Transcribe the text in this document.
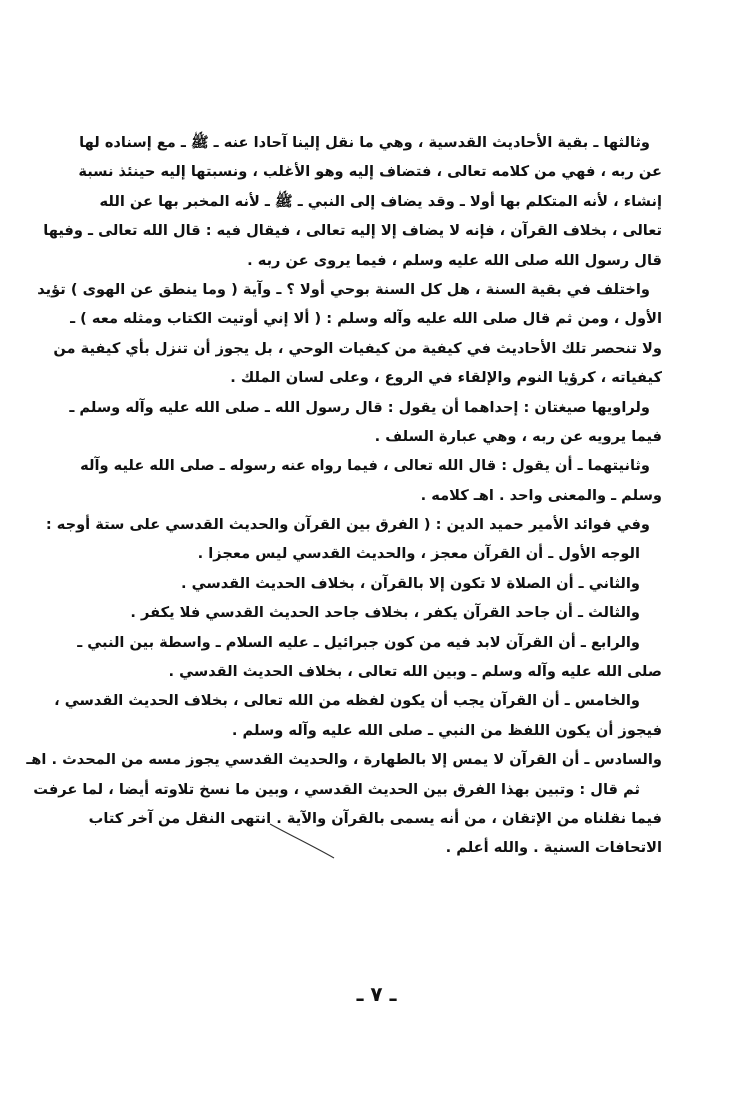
وثالثها ـ بقية الأحاديث القدسية ، وهي ما نقل إلينا آحادا عنه ـ ﷺ ـ مع إسناده لها
عن ربه ، فهي من كلامه تعالى ، فتضاف إليه وهو الأغلب ، ونسبتها إليه حينئذ نسبة
إنشاء ، لأنه المتكلم بها أولا ـ وقد يضاف إلى النبي ـ ﷺ ـ لأنه المخبر بها عن الله
تعالى ، بخلاف القرآن ، فإنه لا يضاف إلا إليه تعالى ، فيقال فيه : قال الله تعالى ـ وفيها
قال رسول الله صلى الله عليه وسلم ، فيما يروى عن ربه .
واختلف في بقية السنة ، هل كل السنة بوحي أولا ؟ ـ وآية ( وما ينطق عن الهوى ) تؤيد
الأول ، ومن ثم قال صلى الله عليه وآله وسلم : ( ألا إني أوتيت الكتاب ومثله معه ) ـ
ولا تنحصر تلك الأحاديث في كيفية من كيفيات الوحي ، بل يجوز أن تنزل بأي كيفية من
كيفياته ، كرؤيا النوم والإلقاء في الروع ، وعلى لسان الملك .
ولراويها صيغتان : إحداهما أن يقول : قال رسول الله ـ صلى الله عليه وآله وسلم ـ
فيما يرويه عن ربه ، وهي عبارة السلف .
وثانيتهما ـ أن يقول : قال الله تعالى ، فيما رواه عنه رسوله ـ صلى الله عليه وآله
وسلم ـ والمعنى واحد . اهـ كلامه .
وفي فوائد الأمير حميد الدين : ( الفرق بين القرآن والحديث القدسي على ستة أوجه :
الوجه الأول ـ أن القرآن معجز ، والحديث القدسي ليس معجزا .
والثاني ـ أن الصلاة لا تكون إلا بالقرآن ، بخلاف الحديث القدسي .
والثالث ـ أن جاحد القرآن يكفر ، بخلاف جاحد الحديث القدسي فلا يكفر .
والرابع ـ أن القرآن لابد فيه من كون جبرائيل ـ عليه السلام ـ واسطة بين النبي ـ
صلى الله عليه وآله وسلم ـ وبين الله تعالى ، بخلاف الحديث القدسي .
والخامس ـ أن القرآن يجب أن يكون لفظه من الله تعالى ، بخلاف الحديث القدسي ،
فيجوز أن يكون اللفظ من النبي ـ صلى الله عليه وآله وسلم .
والسادس ـ أن القرآن لا يمس إلا بالطهارة ، والحديث القدسي يجوز مسه من المحدث . اهـ
ثم قال : وتبين بهذا الفرق بين الحديث القدسي ، وبين ما نسخ تلاوته أيضا ، لما عرفت
فيما نقلناه من الإتقان ، من أنه يسمى بالقرآن والآية . انتهى النقل من آخر كتاب
الاتحافات السنية . والله أعلم .
ـ ٧ ـ
